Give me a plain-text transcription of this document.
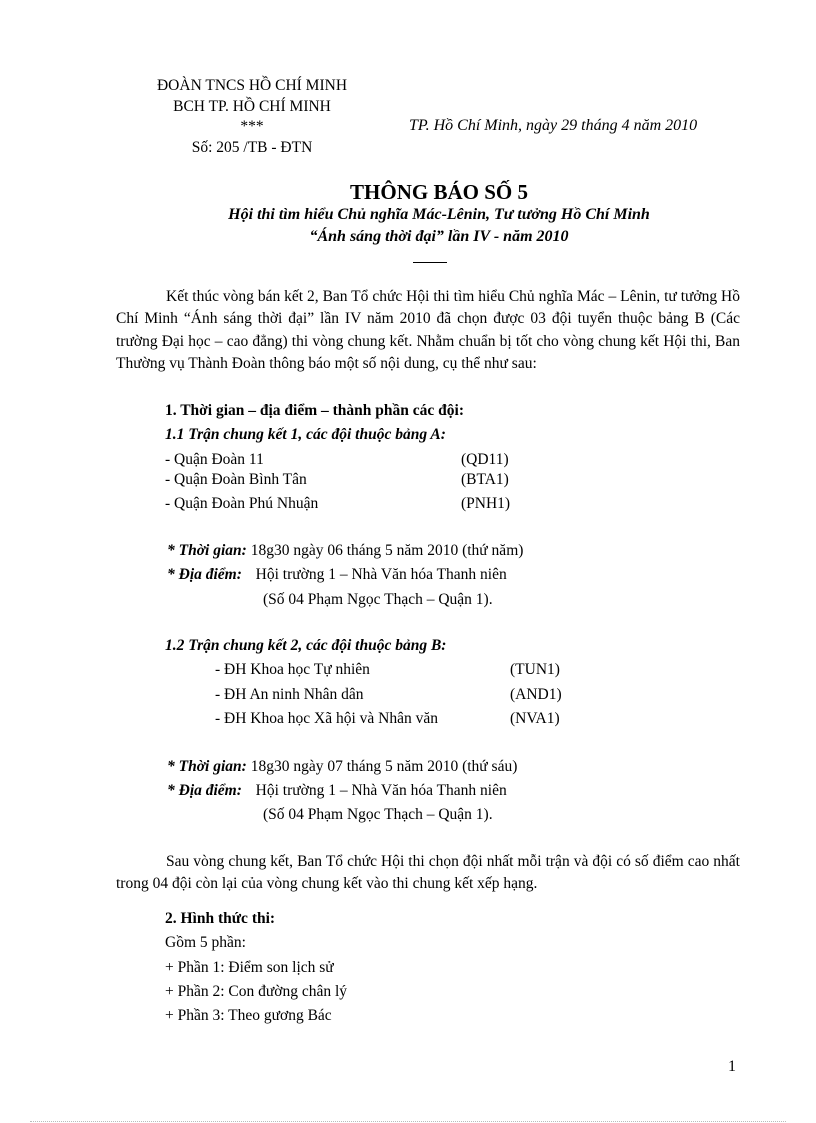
ĐOÀN TNCS HỒ CHÍ MINH
BCH TP. HỒ CHÍ MINH
***
Số: 205 /TB - ĐTN
TP. Hồ Chí Minh, ngày 29 tháng 4 năm 2010
THÔNG BÁO SỐ 5
Hội thi tìm hiểu Chủ nghĩa Mác-Lênin, Tư tưởng Hồ Chí Minh
“Ánh sáng thời đại” lần IV - năm 2010
Kết thúc vòng bán kết 2, Ban Tổ chức Hội thi tìm hiểu Chủ nghĩa Mác – Lênin, tư tưởng Hồ Chí Minh “Ánh sáng thời đại” lần IV năm 2010 đã chọn được 03 đội tuyển thuộc bảng B (Các trường Đại học – cao đẳng) thi vòng chung kết. Nhằm chuẩn bị tốt cho vòng chung kết Hội thi, Ban Thường vụ Thành Đoàn thông báo một số nội dung, cụ thể như sau:
1. Thời gian – địa điểm – thành phần các đội:
1.1 Trận chung kết 1, các đội thuộc bảng A:
- Quận Đoàn 11	(QD11)
- Quận Đoàn Bình Tân	(BTA1)
- Quận Đoàn Phú Nhuận	(PNH1)
* Thời gian: 18g30 ngày 06 tháng 5 năm 2010 (thứ năm)
* Địa điểm: Hội trường 1 – Nhà Văn hóa Thanh niên
(Số 04 Phạm Ngọc Thạch – Quận 1).
1.2 Trận chung kết 2, các đội thuộc bảng B:
- ĐH Khoa học Tự nhiên	(TUN1)
- ĐH An ninh Nhân dân	(AND1)
- ĐH Khoa học Xã hội và Nhân văn	(NVA1)
* Thời gian: 18g30 ngày 07 tháng 5 năm 2010 (thứ sáu)
* Địa điểm: Hội trường 1 – Nhà Văn hóa Thanh niên
(Số 04 Phạm Ngọc Thạch – Quận 1).
Sau vòng chung kết, Ban Tổ chức Hội thi chọn đội nhất mỗi trận và đội có số điểm cao nhất trong 04 đội còn lại của vòng chung kết vào thi chung kết xếp hạng.
2. Hình thức thi:
Gồm 5 phần:
+ Phần 1: Điểm son lịch sử
+ Phần 2: Con đường chân lý
+ Phần 3: Theo gương Bác
1
